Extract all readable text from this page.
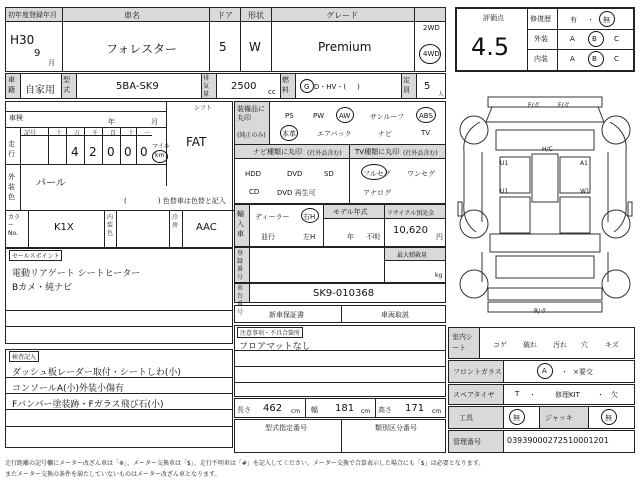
初年度登録年月	車名	ドア 形状	グレード
H30
9
月
フォレスター	5 W	Premium
2WD
4WD
車籍	自家用
型式	5BA-SK9
排気量
2500 cc
燃料	G  D・HV・(     )
定員	5
人
シフト
FAT
車検	年	月
走行
記号	十 万 千 百 十 一
4 2 0 0 0 マイル
km
外装色
パール
(              ) 色替車は色替と記入
カラーNo.
K1X
内装色
冷房 AAC
セールスポイント
電動リアゲート シートヒーター
Bカメ・純ナビ
検査記入
ダッシュ板レーダー取付・シートしわ(小)
コンソールA(小)外装小傷有
Fバンパー塗装跡・Fガラス飛び石(小)
装備品に丸印
(純正のみ)
PS	PW AW	サンルーフ ABS
本革	エアバック	ナビ	TV
ナビ種類に丸印 (社外品含む) TV種類に丸印 (社外品含む)
HDD	DVD	SD
CD	DVD 再生可
フルセグ ワンセグ
アナログ
輸入車
ディーラー 右H
並行	左H
モデル年式
年 不明
リサイクル預託金
10,620
円
登録番号
最大積載量
kg
車台番号
SK9-010368
新車保証書	車両取説
注意事項・不具合箇所
フロアマットなし
長さ 462 cm 幅 181 cm 高さ 171 cm
型式指定番号	類別区分番号
評価点
4.5
修復歴	有 ・ 無
外装	A B C
内装	A B C
F/ガ	F/ガ
H/C
U1	A1
U1	W1
R/ガ
室内シート	コゲ 破れ 汚れ 穴 キズ
フロントガラス	A ・ ×要交
スペアタイヤ	T ・	修理KIT ・ 欠
工具	無	ジャッキ	無
管理番号	0393900027251000120​1
走行距離の記号欄にメーター改ざん車は「※」、メーター交換車は「$」、走行不明車は「#」を記入してください。メーター交換で合算表示した場合にも「$」は必要となります。
またメーター交換の条件を満たしていないものはメーター改ざん車となります。
